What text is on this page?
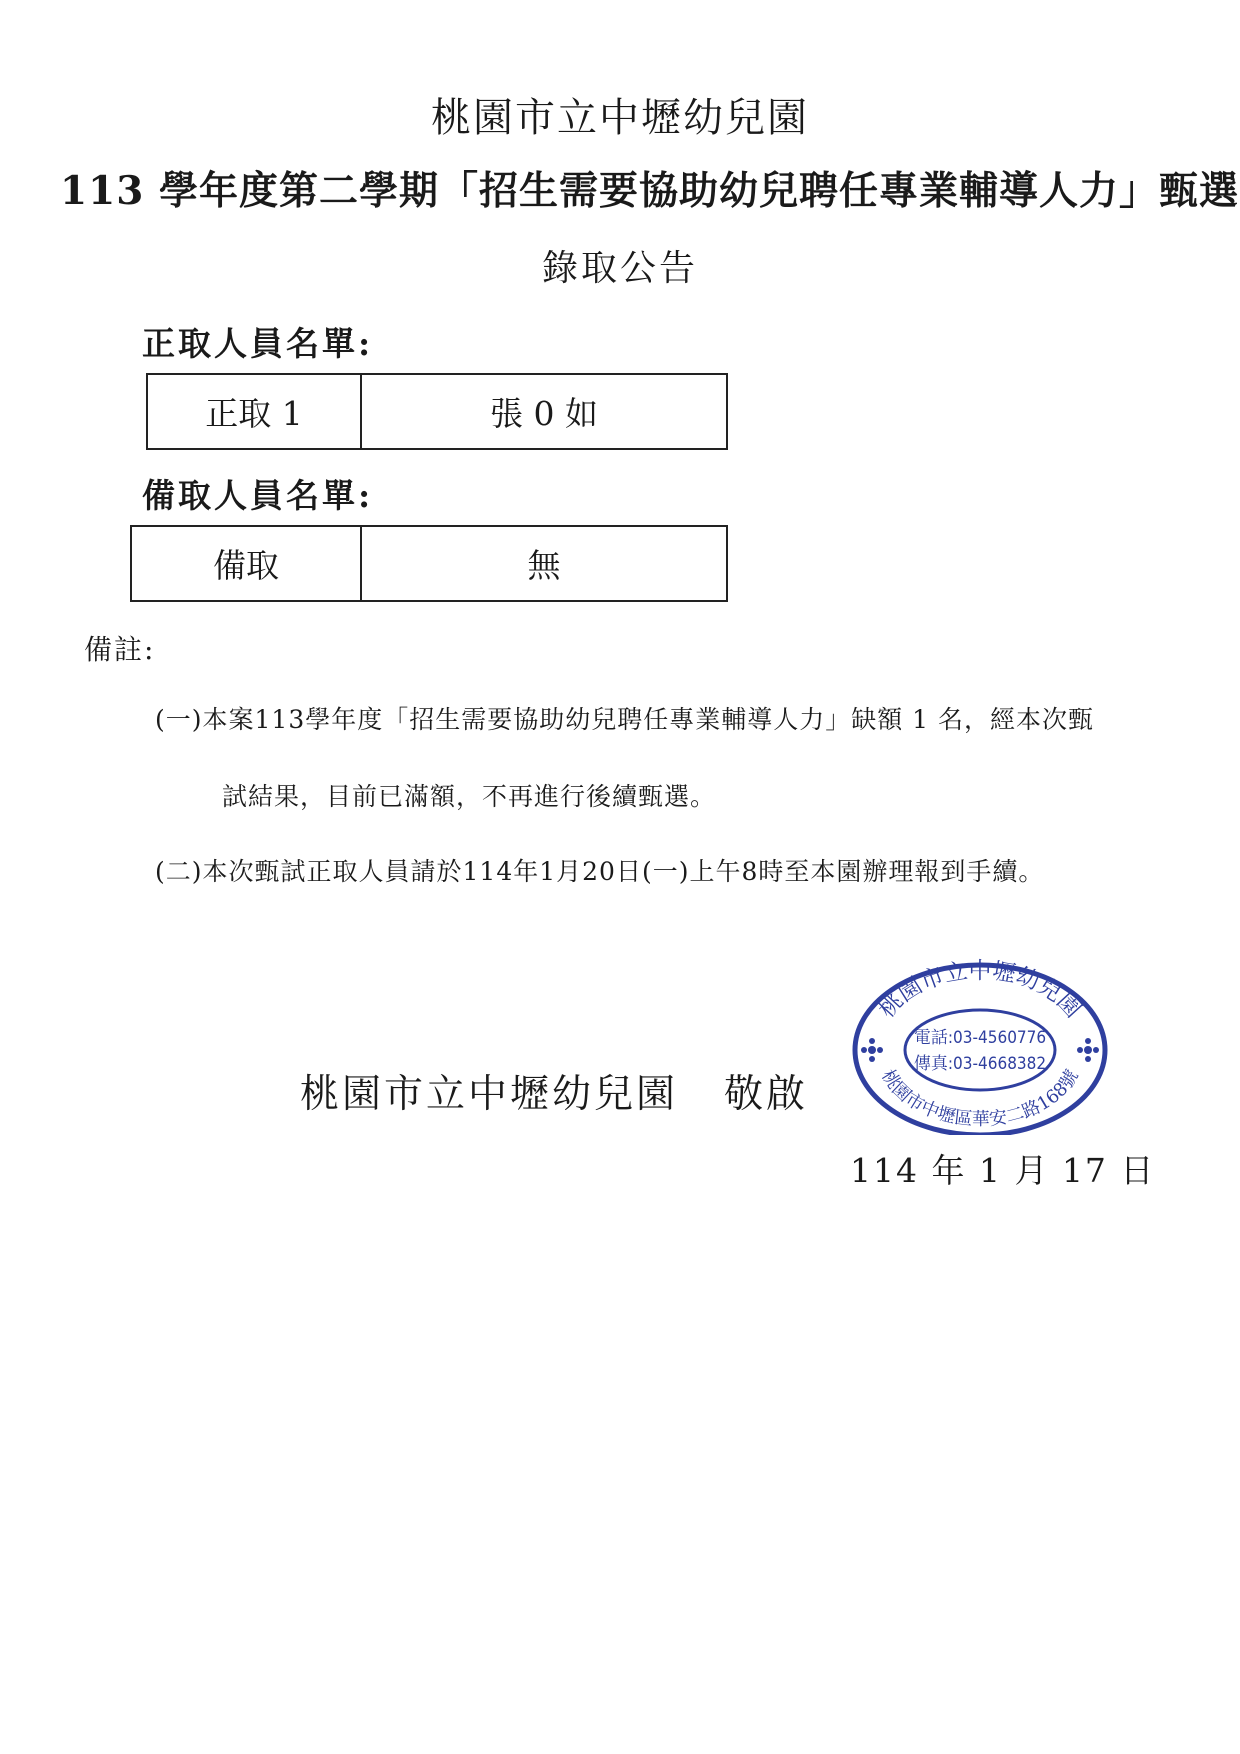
桃園市立中壢幼兒園
113 學年度第二學期「招生需要協助幼兒聘任專業輔導人力」甄選
錄取公告
正取人員名單:
正取 1	張 0 如
備取人員名單:
備取	無
備註:
(一)本案113學年度「招生需要協助幼兒聘任專業輔導人力」缺額 1 名，經本次甄
試結果，目前已滿額，不再進行後續甄選。
(二)本次甄試正取人員請於114年1月20日(一)上午8時至本園辦理報到手續。
桃園市立中壢幼兒園
電話:03-4560776
傳真:03-4668382
桃園市中壢區華安二路168號
桃園市立中壢幼兒園 敬啟
114 年 1 月 17 日
